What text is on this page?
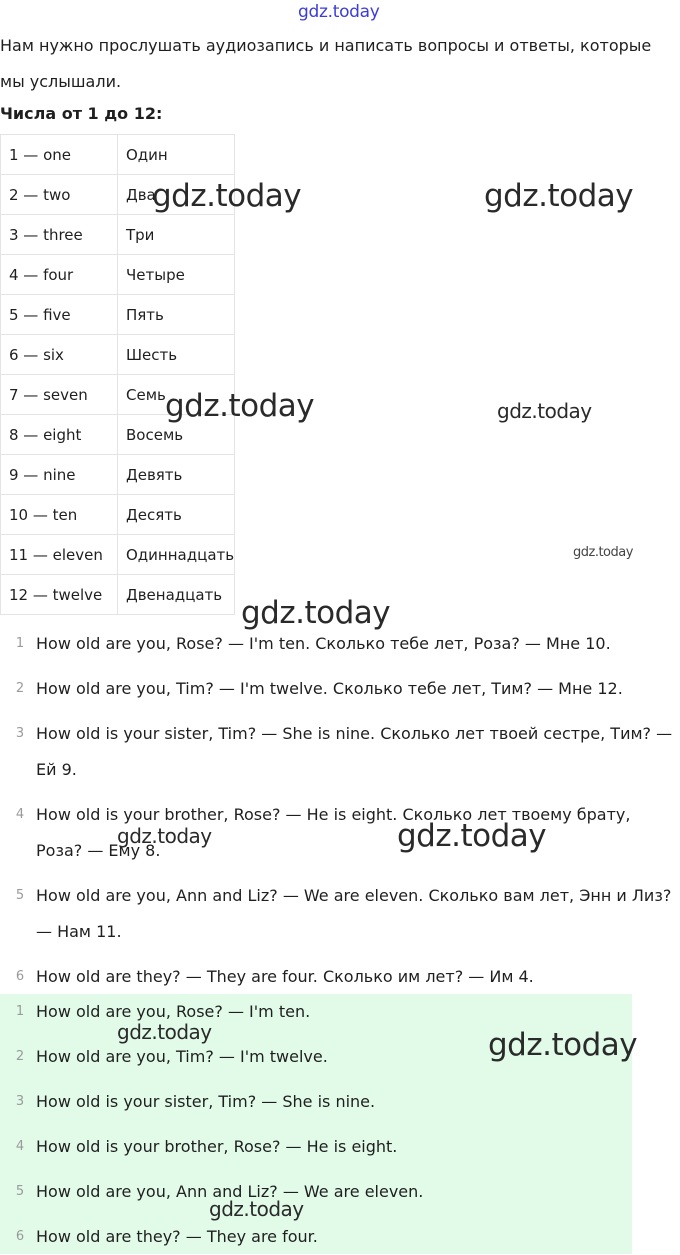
gdz.today

Нам нужно прослушать аудиозапись и написать вопросы и ответы, которые мы услышали.

Числа от 1 до 12:

1 — one	Один
2 — two	Два
3 — three	Три
4 — four	Четыре
5 — five	Пять
6 — six	Шесть
7 — seven	Семь
8 — eight	Восемь
9 — nine	Девять
10 — ten	Десять
11 — eleven	Одиннадцать
12 — twelve	Двенадцать
1 How old are you, Rose? — I'm ten. Сколько тебе лет, Роза? — Мне 10.
2 How old are you, Tim? — I'm twelve. Сколько тебе лет, Тим? — Мне 12.
3 How old is your sister, Tim? — She is nine. Сколько лет твоей сестре, Тим? — Ей 9.
4 How old is your brother, Rose? — He is eight. Сколько лет твоему брату, Роза? — Ему 8.
5 How old are you, Ann and Liz? — We are eleven. Сколько вам лет, Энн и Лиз? — Нам 11.
6 How old are they? — They are four. Сколько им лет? — Им 4.
1 How old are you, Rose? — I'm ten.
2 How old are you, Tim? — I'm twelve.
3 How old is your sister, Tim? — She is nine.
4 How old is your brother, Rose? — He is eight.
5 How old are you, Ann and Liz? — We are eleven.
6 How old are they? — They are four.
gdz.today	gdz.today
gdz.today	gdz.today
gdz.today
gdz.today
gdz.today	gdz.today
gdz.today	gdz.today
gdz.today
